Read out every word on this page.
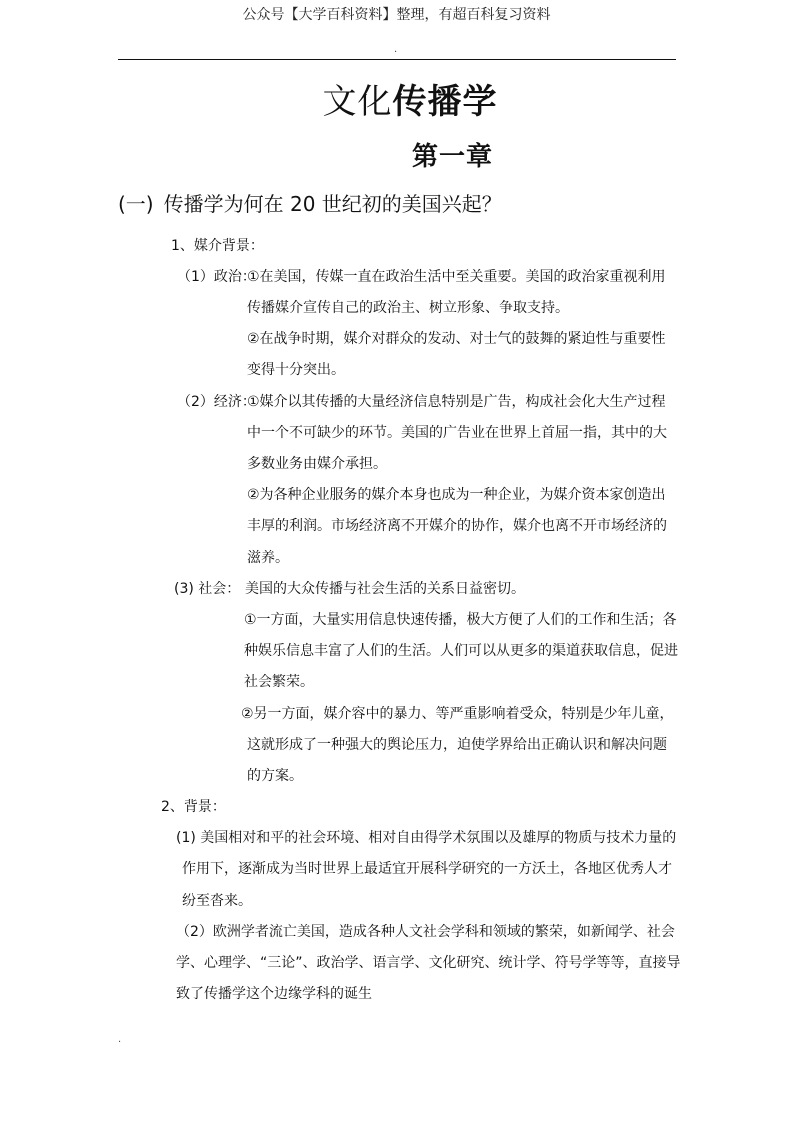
公众号【大学百科资料】整理，有超百科复习资料
.
文化传播学
第一章
(一) 传播学为何在 20 世纪初的美国兴起？
1、媒介背景：
（1）政治：
①在美国，传媒一直在政治生活中至关重要。美国的政治家重视利用
传播媒介宣传自己的政治主、树立形象、争取支持。
②在战争时期，媒介对群众的发动、对士气的鼓舞的紧迫性与重要性
变得十分突出。
（2）经济：
①媒介以其传播的大量经济信息特别是广告，构成社会化大生产过程
中一个不可缺少的环节。美国的广告业在世界上首屈一指，其中的大
多数业务由媒介承担。
②为各种企业服务的媒介本身也成为一种企业，为媒介资本家创造出
丰厚的利润。市场经济离不开媒介的协作，媒介也离不开市场经济的
滋养。
(3) 社会： 美国的大众传播与社会生活的关系日益密切。
①一方面，大量实用信息快速传播，极大方便了人们的工作和生活；各
种娱乐信息丰富了人们的生活。人们可以从更多的渠道获取信息，促进
社会繁荣。
②另一方面，媒介容中的暴力、等严重影响着受众，特别是少年儿童，
这就形成了一种强大的舆论压力，迫使学界给出正确认识和解决问题
的方案。
2、背景：
(1) 美国相对和平的社会环境、相对自由得学术氛围以及雄厚的物质与技术力量的
作用下，逐渐成为当时世界上最适宜开展科学研究的一方沃土，各地区优秀人才
纷至沓来。
（2）欧洲学者流亡美国，造成各种人文社会学科和领域的繁荣，如新闻学、社会
学、心理学、“三论”、政治学、语言学、文化研究、统计学、符号学等等，直接导
致了传播学这个边缘学科的诞生
.
